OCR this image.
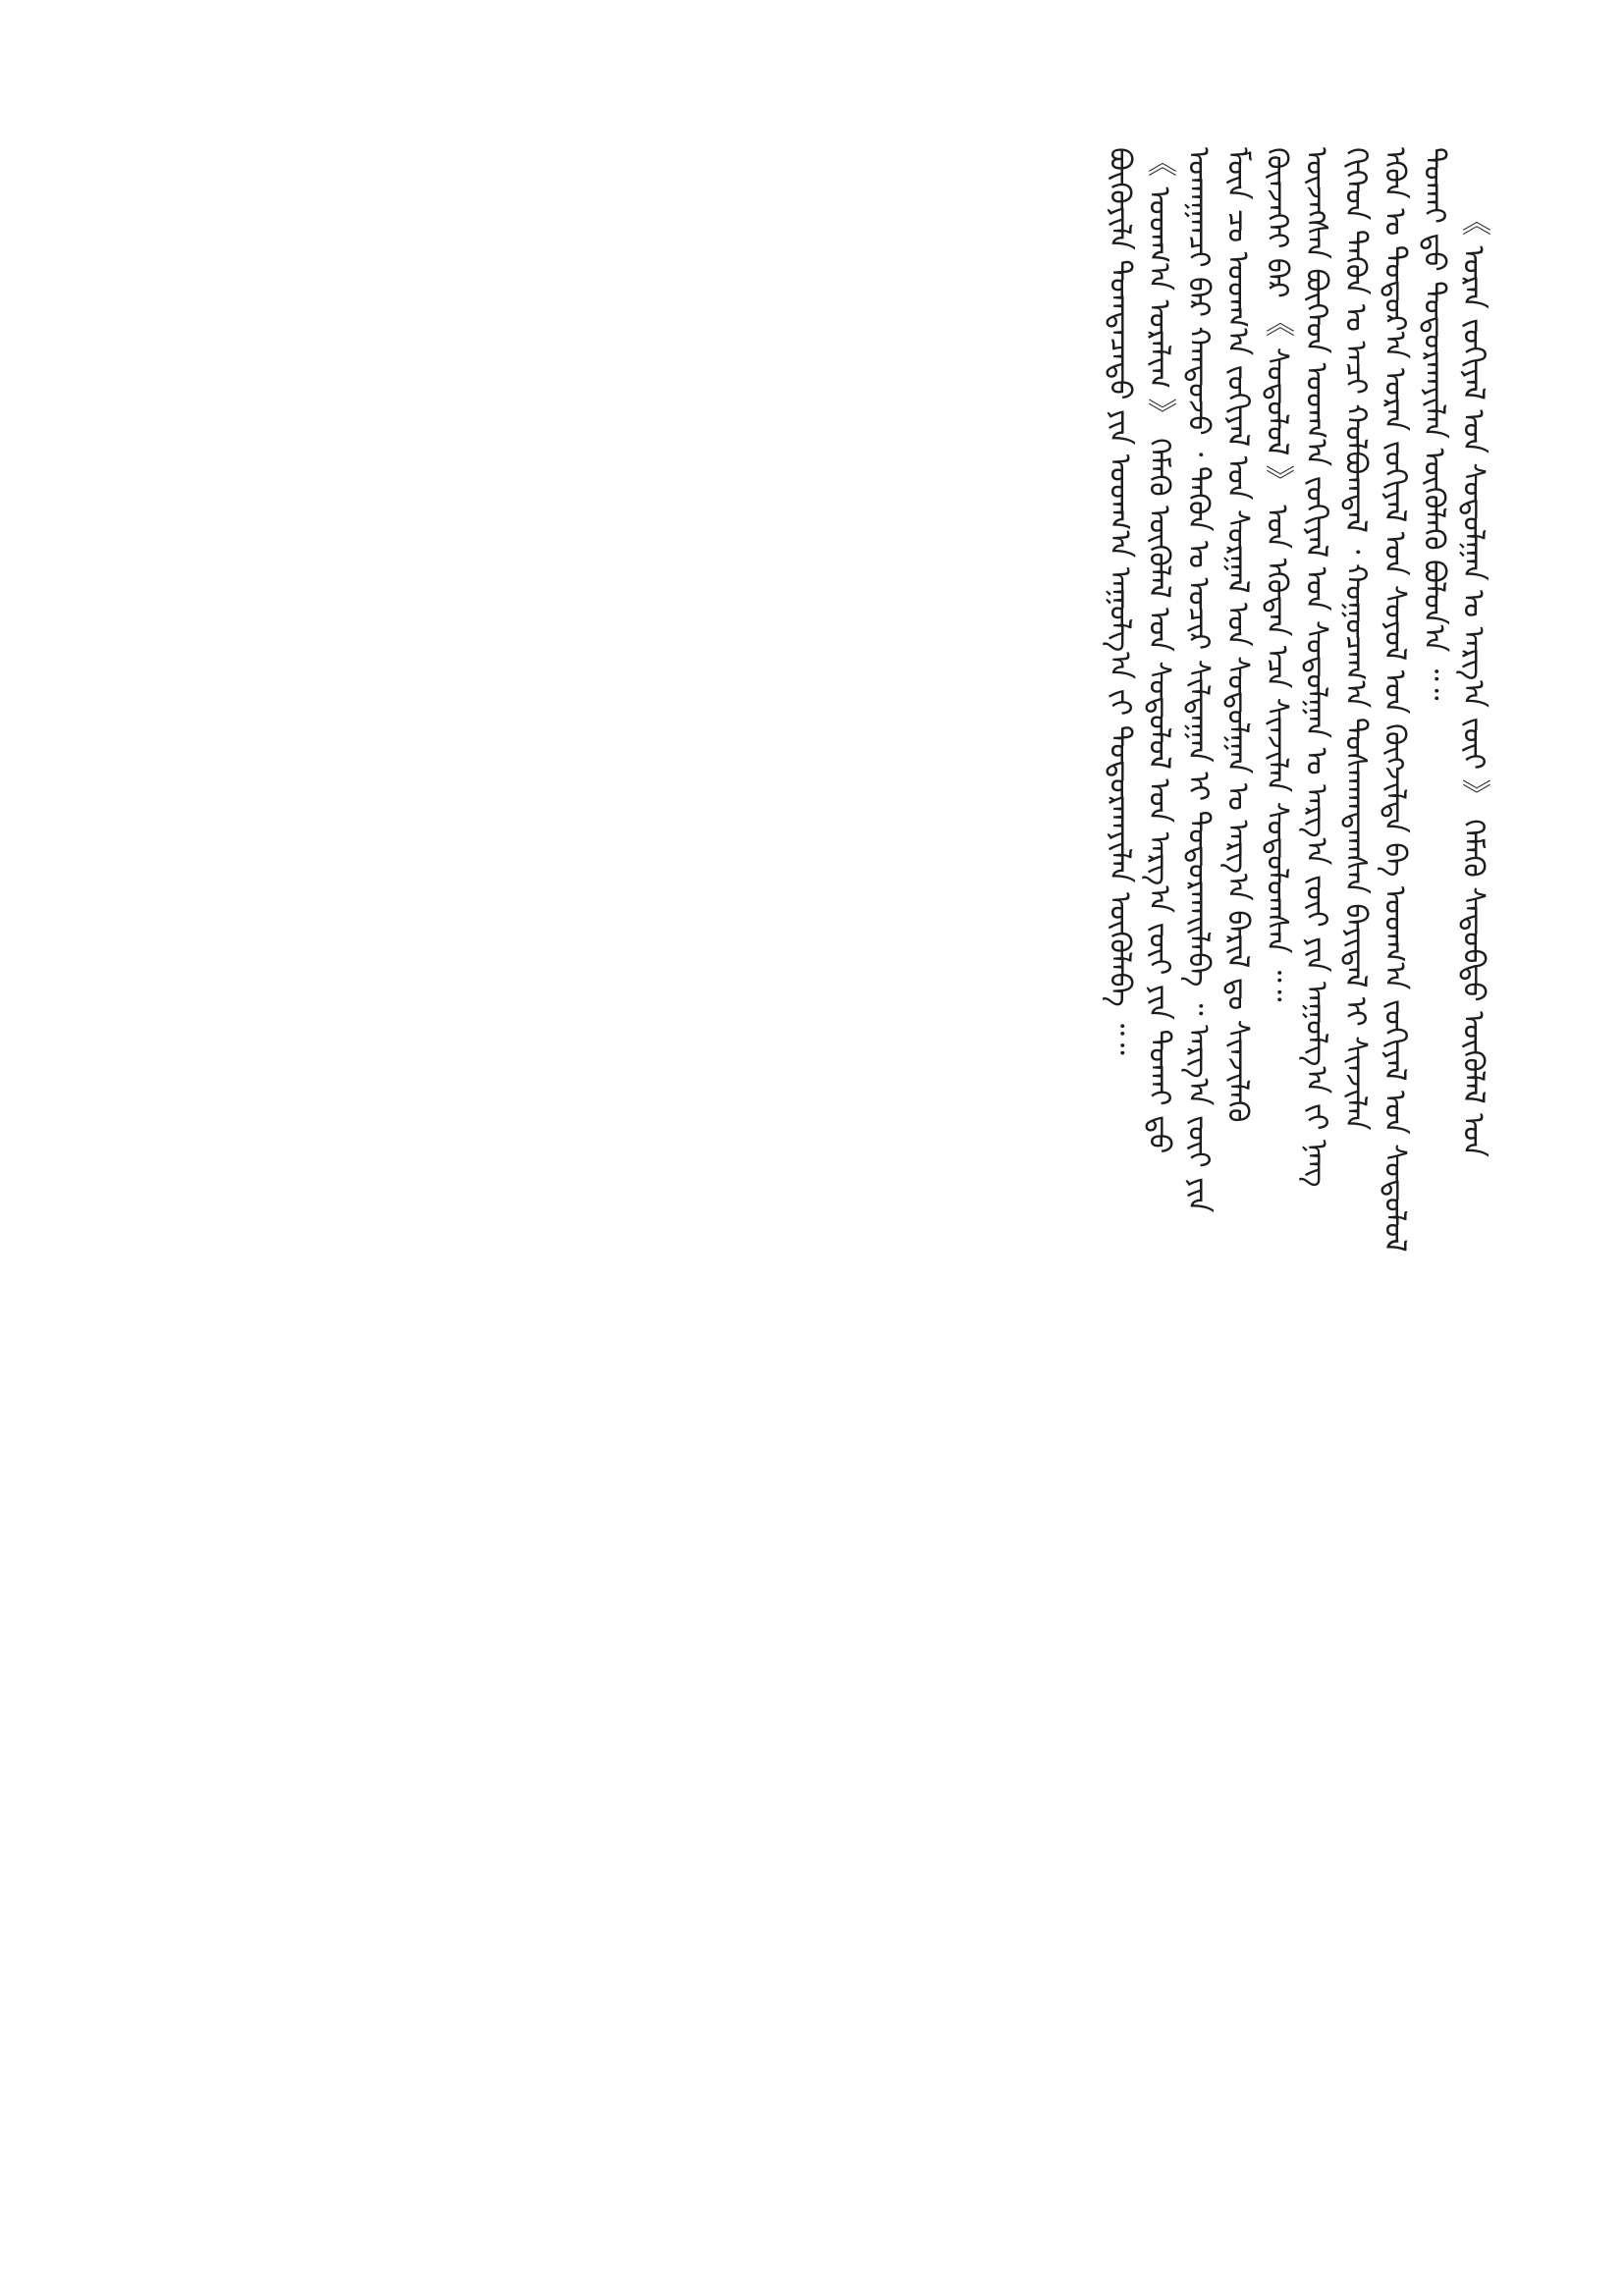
《 ᠤᠷᠠᠨ ᠵᠣᠬᠢᠶᠠᠯ ᠤᠨ ᠰᠣᠳᠤᠯᠭᠠᠨ ᠤ ᠠᠷᠭ᠎ᠠ ᠵᠦᠢ 》 ᠬᠡᠮᠡᠬᠦ ᠰᠡᠳᠦᠪᠲᠦ ᠥᠭᠦᠯᠡᠯ ᠤᠨ
ᠲᠤᠬᠠᠢ ᠳ᠋ᠤ ᠲᠣᠳᠣᠷᠬᠠᠶᠢᠯᠠᠨ ᠥᠭᠦᠯᠡᠬᠦ ᠪᠣᠯᠤᠨ᠎ᠠ ᠃᠃
ᠡᠭᠦᠨ ᠤ ᠳᠣᠲᠣᠷ᠎ᠠ ᠤᠷᠠᠨ ᠵᠣᠬᠢᠶᠠᠯ ᠤᠨ ᠰᠣᠶᠣᠯ ᠤᠨ ᠬᠥᠭᠵᠢᠯᠲᠡ ᠪᠠ ᠤᠳᠬ᠎ᠠ ᠵᠣᠬᠢᠶᠠᠯ ᠤᠨ ᠰᠤᠳᠤᠯᠤᠯ
ᠬᠢᠭᠡᠳ ᠲᠡᠭᠦᠨ ᠤ ᠠᠴᠢ ᠬᠣᠯᠪᠣᠭᠳᠠᠯ ᠂ ᠬᠤᠭᠤᠴᠠᠭ᠎ᠠ ᠲᠤᠰᠬᠠᠭᠳᠠᠭᠰᠠᠨ ᠪᠠᠶᠢᠳᠠᠯ ᠢ ᠰᠢᠨᠵᠢᠯᠡᠨ
ᠦᠵᠡᠭᠰᠡᠨ ᠪᠥᠭᠡᠳ ᠤᠳᠬ᠎ᠠ ᠵᠣᠬᠢᠶᠠᠯ ᠤᠨ ᠰᠤᠳᠤᠯᠭᠠᠨ ᠤ ᠠᠷᠭ᠎ᠠ ᠵᠦᠢ ᠶᠢᠨ ᠠᠭᠤᠯᠭ᠎ᠠ ᠵᠢ ᠨᠡᠩ
ᠭᠦᠨᠵᠡᠭᠡᠢ ᠪᠠᠷ 《 ᠰᠤᠳᠤᠯᠤᠯ 》 ᠤᠨ ᠡᠭᠦᠳᠡᠨ ᠡᠴᠡ ᠰᠢᠨᠵᠢᠯᠡᠨ ᠰᠤᠳᠤᠯᠤᠭᠰᠠᠨ ᠃᠃
ᠮᠥᠨ ᠴᠤ ᠤᠳᠬ᠎ᠠ ᠵᠣᠬᠢᠶᠠᠯ ᠤᠨ ᠰᠤᠷᠭᠠᠯ ᠤᠨ ᠰᠤᠳᠤᠯᠭᠠᠨ ᠤ ᠠᠷᠭ᠎ᠠ ᠪᠠᠷᠢᠯ ᠳᠤ ᠰᠢᠨᠵᠢᠯᠡᠬᠦ
ᠤᠬᠠᠭᠠᠨᠴᠢ ᠪᠠᠷ ᠬᠠᠨᠳᠤᠵᠤ ᠂ ᠲᠡᠭᠦᠨ ᠤ ᠤᠴᠢᠷ ᠰᠢᠯᠲᠠᠭᠠᠨ ᠢ ᠲᠣᠳᠣᠷᠬᠠᠢᠯᠠᠪᠠ ᠃ ᠠᠷᠭ᠎ᠠ ᠵᠦᠢ ᠶᠢᠨ
《 ᠤᠳᠬ᠎ᠠ ᠤᠷᠠᠯᠢᠭ 》 ᠬᠡᠮᠡᠬᠦ ᠥᠭᠦᠯᠡᠯ ᠤᠨ ᠰᠤᠳᠤᠯᠤᠯ ᠤᠨ ᠠᠷᠭ᠎ᠠ ᠵᠦᠢ ᠶᠢᠨ ᠲᠤᠬᠠᠢ ᠳ᠋ᠤ
ᠪᠦᠬᠦᠶᠢᠯᠡ ᠲᠣᠭᠲᠠᠴᠠᠲᠤ ᠶᠢᠨ ᠤᠳᠬ᠎ᠠ ᠠᠭᠤᠯᠭ᠎ᠠ ᠵᠢ ᠲᠣᠳᠣᠷᠬᠠᠶᠢᠯᠠᠨ ᠦᠭᠦᠯᠡᠪᠡ ᠃᠃
